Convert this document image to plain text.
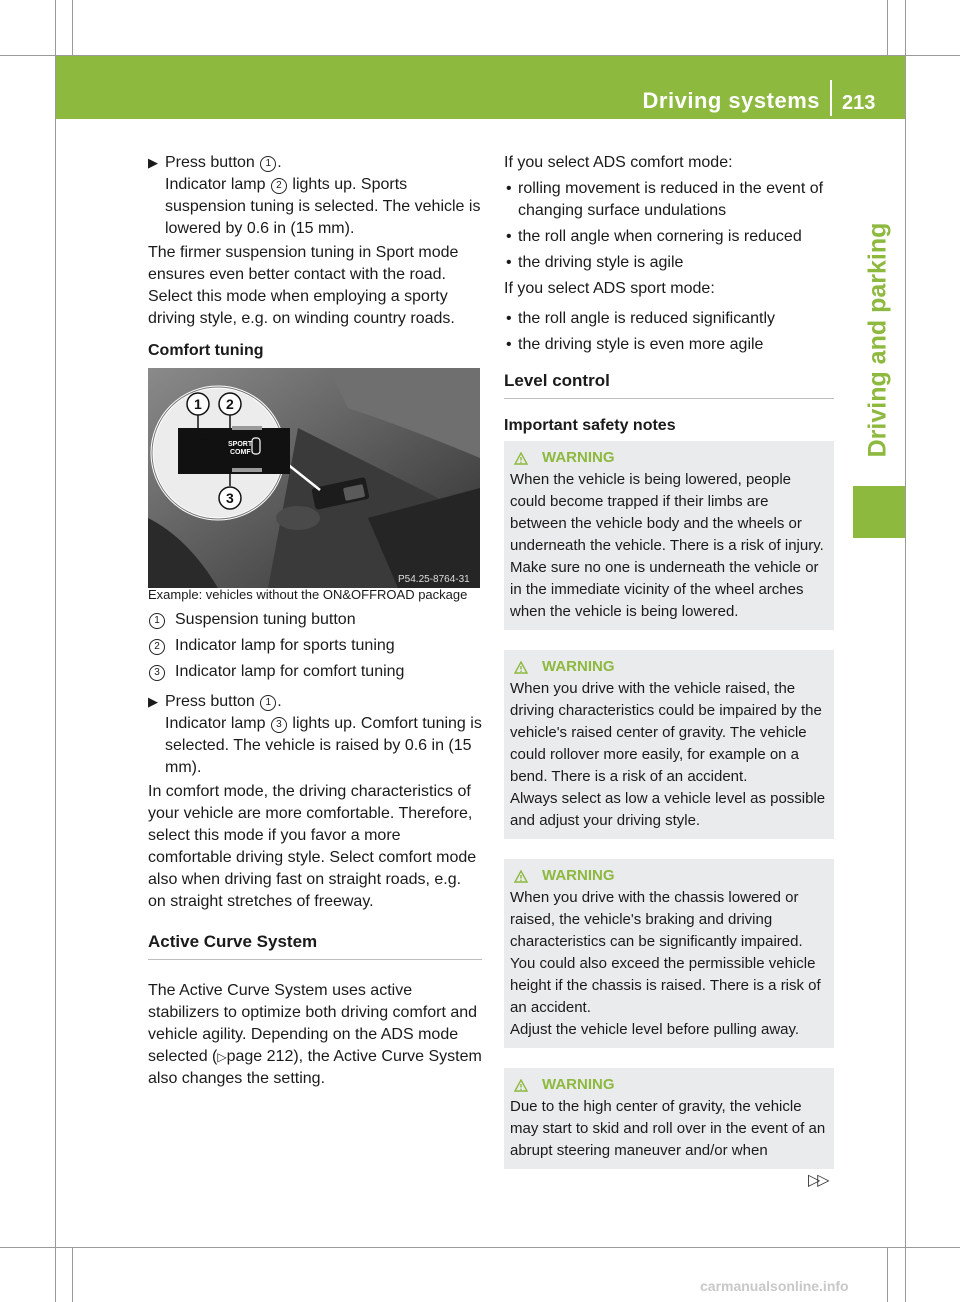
Driving systems 213
Driving and parking
▶ Press button 1 .
Indicator lamp 2 lights up. Sports suspension tuning is selected. The vehicle is lowered by 0.6 in (15 mm).

The firmer suspension tuning in Sport mode ensures even better contact with the road. Select this mode when employing a sporty driving style, e.g. on winding country roads.

Comfort tuning

SPORT
COMF
1 2
3
P54.25-8764-31

Example: vehicles without the ON&OFFROAD package

1 Suspension tuning button
2 Indicator lamp for sports tuning
3 Indicator lamp for comfort tuning
▶ Press button 1 .
Indicator lamp 3 lights up. Comfort tuning is selected. The vehicle is raised by 0.6 in (15 mm).

In comfort mode, the driving characteristics of your vehicle are more comfortable. Therefore, select this mode if you favor a more comfortable driving style. Select comfort mode also when driving fast on straight roads, e.g. on straight stretches of freeway.

Active Curve System

The Active Curve System uses active stabilizers to optimize both driving comfort and vehicle agility. Depending on the ADS mode selected (▷page 212), the Active Curve System also changes the setting.

If you select ADS comfort mode:

• rolling movement is reduced in the event of changing surface undulations
• the roll angle when cornering is reduced
• the driving style is agile

If you select ADS sport mode:

• the roll angle is reduced significantly
• the driving style is even more agile

Level control

Important safety notes

WARNING

When the vehicle is being lowered, people could become trapped if their limbs are between the vehicle body and the wheels or underneath the vehicle. There is a risk of injury.

Make sure no one is underneath the vehicle or in the immediate vicinity of the wheel arches when the vehicle is being lowered.

WARNING

When you drive with the vehicle raised, the driving characteristics could be impaired by the vehicle's raised center of gravity. The vehicle could rollover more easily, for example on a bend. There is a risk of an accident.

Always select as low a vehicle level as possible and adjust your driving style.

WARNING

When you drive with the chassis lowered or raised, the vehicle's braking and driving characteristics can be significantly impaired. You could also exceed the permissible vehicle height if the chassis is raised. There is a risk of an accident.

Adjust the vehicle level before pulling away.

WARNING

Due to the high center of gravity, the vehicle may start to skid and roll over in the event of an abrupt steering maneuver and/or when

▷▷
carmanualsonline.info
